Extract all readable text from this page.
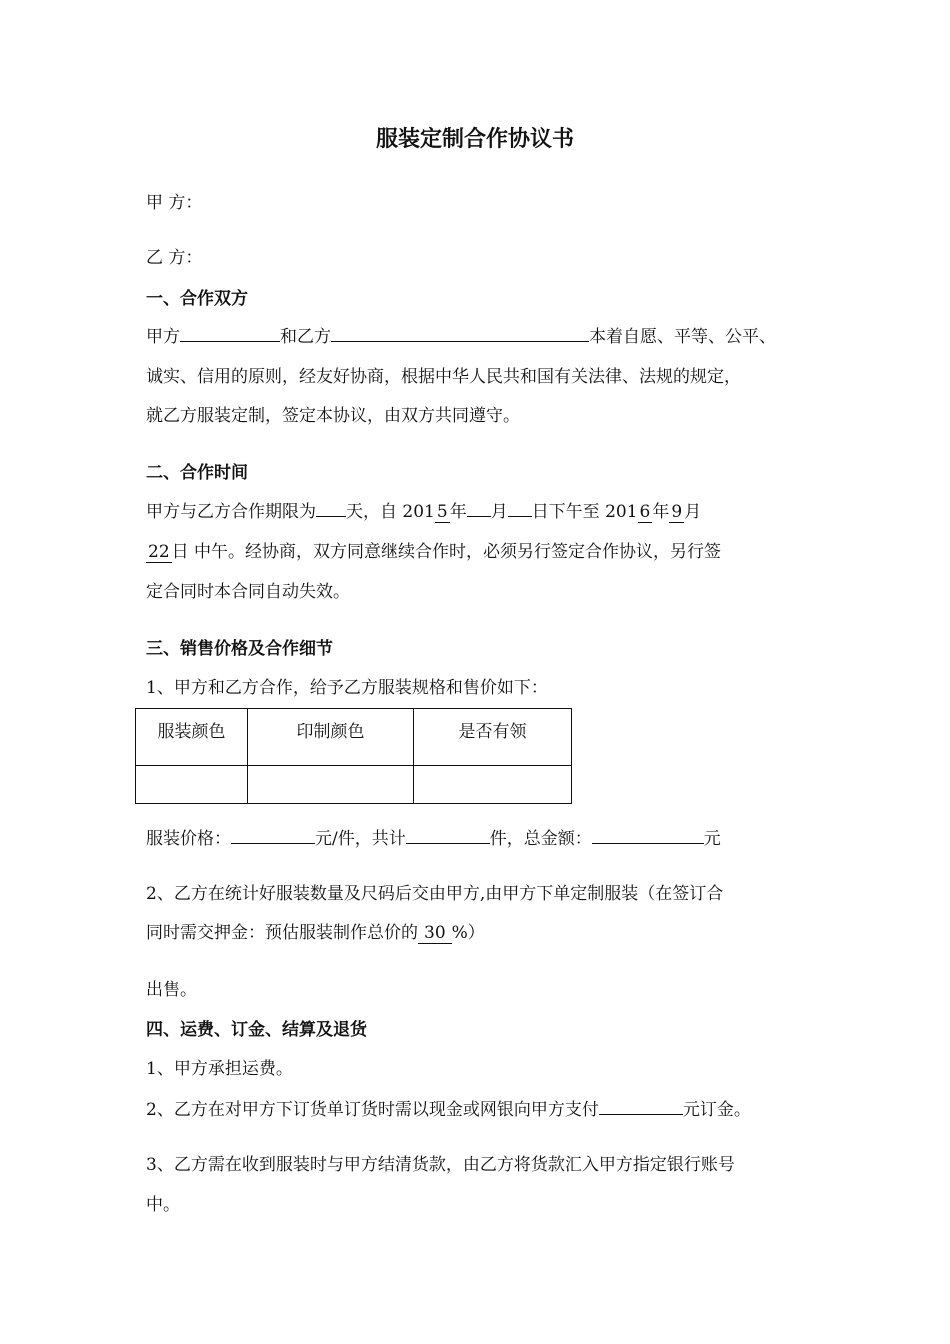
服装定制合作协议书
甲 方：
乙 方：
一、合作双方
甲方	和乙方	本着自愿、平等、公平、
诚实、信用的原则，经友好协商，根据中华人民共和国有关法律、法规的规定，
就乙方服装定制，签定本协议，由双方共同遵守。
二、合作时间
甲方与乙方合作期限为 天，自 201 5 年 月 日下午至 201 6 年 9 月
22 日 中午。经协商，双方同意继续合作时，必须另行签定合作协议，另行签
定合同时本合同自动失效。
三、销售价格及合作细节
1、甲方和乙方合作，给予乙方服装规格和售价如下：
服装颜色	印制颜色	是否有领

服装价格：	元/件，共计	件，总金额：	元
2、乙方在统计好服装数量及尺码后交由甲方,由甲方下单定制服装（在签订合
同时需交押金：预估服装制作总价的 30 %）
出售。
四、运费、订金、结算及退货
1、甲方承担运费。
2、乙方在对甲方下订货单订货时需以现金或网银向甲方支付	元订金。
3、乙方需在收到服装时与甲方结清货款，由乙方将货款汇入甲方指定银行账号
中。
